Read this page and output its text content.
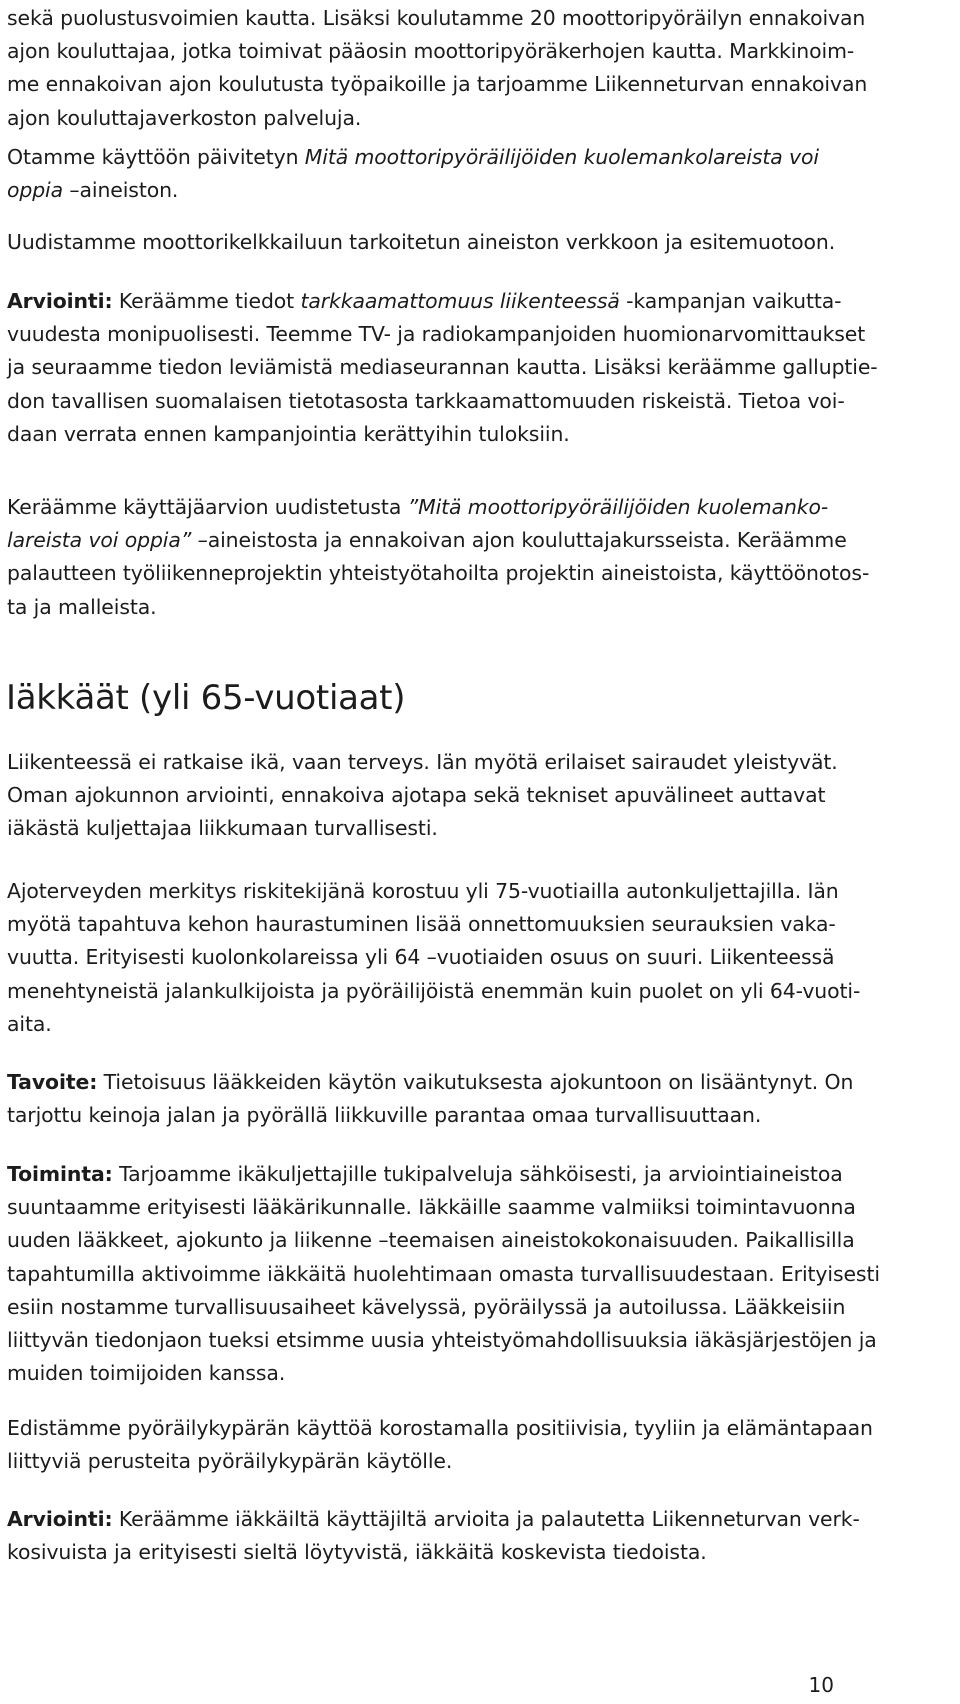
sekä puolustusvoimien kautta. Lisäksi koulutamme 20 moottoripyöräilyn ennakoivan
ajon kouluttajaa, jotka toimivat pääosin moottoripyöräkerhojen kautta. Markkinoim-
me ennakoivan ajon koulutusta työpaikoille ja tarjoamme Liikenneturvan ennakoivan
ajon kouluttajaverkoston palveluja.

Otamme käyttöön päivitetyn Mitä moottoripyöräilijöiden kuolemankolareista voi
oppia –aineiston.

Uudistamme moottorikelkkailuun tarkoitetun aineiston verkkoon ja esitemuotoon.

Arviointi: Keräämme tiedot tarkkaamattomuus liikenteessä -kampanjan vaikutta-
vuudesta monipuolisesti. Teemme TV- ja radiokampanjoiden huomionarvomittaukset
ja seuraamme tiedon leviämistä mediaseurannan kautta. Lisäksi keräämme galluptie-
don tavallisen suomalaisen tietotasosta tarkkaamattomuuden riskeistä. Tietoa voi-
daan verrata ennen kampanjointia kerättyihin tuloksiin.

Keräämme käyttäjäarvion uudistetusta ”Mitä moottoripyöräilijöiden kuolemanko-
lareista voi oppia” –aineistosta ja ennakoivan ajon kouluttajakursseista. Keräämme
palautteen työliikenneprojektin yhteistyötahoilta projektin aineistoista, käyttöönotos-
ta ja malleista.

Iäkkäät (yli 65-vuotiaat)

Liikenteessä ei ratkaise ikä, vaan terveys. Iän myötä erilaiset sairaudet yleistyvät.
Oman ajokunnon arviointi, ennakoiva ajotapa sekä tekniset apuvälineet auttavat
iäkästä kuljettajaa liikkumaan turvallisesti.

Ajoterveyden merkitys riskitekijänä korostuu yli 75-vuotiailla autonkuljettajilla. Iän
myötä tapahtuva kehon haurastuminen lisää onnettomuuksien seurauksien vaka-
vuutta. Erityisesti kuolonkolareissa yli 64 –vuotiaiden osuus on suuri. Liikenteessä
menehtyneistä jalankulkijoista ja pyöräilijöistä enemmän kuin puolet on yli 64-vuoti-
aita.

Tavoite: Tietoisuus lääkkeiden käytön vaikutuksesta ajokuntoon on lisääntynyt. On
tarjottu keinoja jalan ja pyörällä liikkuville parantaa omaa turvallisuuttaan.

Toiminta: Tarjoamme ikäkuljettajille tukipalveluja sähköisesti, ja arviointiaineistoa
suuntaamme erityisesti lääkärikunnalle. Iäkkäille saamme valmiiksi toimintavuonna
uuden lääkkeet, ajokunto ja liikenne –teemaisen aineistokokonaisuuden. Paikallisilla
tapahtumilla aktivoimme iäkkäitä huolehtimaan omasta turvallisuudestaan. Erityisesti
esiin nostamme turvallisuusaiheet kävelyssä, pyöräilyssä ja autoilussa. Lääkkeisiin
liittyvän tiedonjaon tueksi etsimme uusia yhteistyömahdollisuuksia iäkäsjärjestöjen ja
muiden toimijoiden kanssa.

Edistämme pyöräilykypärän käyttöä korostamalla positiivisia, tyyliin ja elämäntapaan
liittyviä perusteita pyöräilykypärän käytölle.

Arviointi: Keräämme iäkkäiltä käyttäjiltä arvioita ja palautetta Liikenneturvan verk-
kosivuista ja erityisesti sieltä löytyvistä, iäkkäitä koskevista tiedoista.

10
